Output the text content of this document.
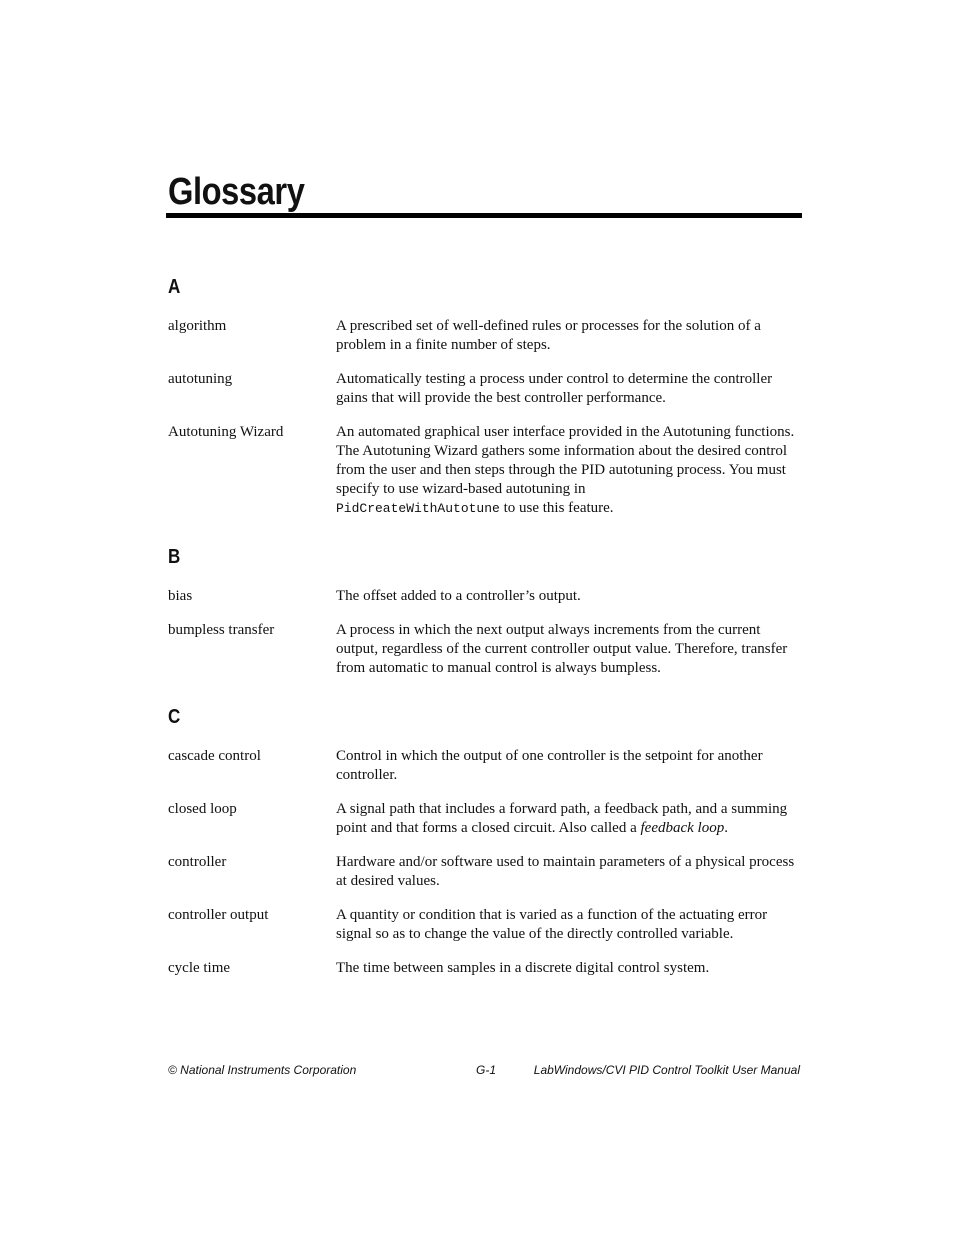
Glossary
A
algorithm	A prescribed set of well-defined rules or processes for the solution of a problem in a finite number of steps.
autotuning	Automatically testing a process under control to determine the controller gains that will provide the best controller performance.
Autotuning Wizard	An automated graphical user interface provided in the Autotuning functions. The Autotuning Wizard gathers some information about the desired control from the user and then steps through the PID autotuning process. You must specify to use wizard-based autotuning in
PidCreateWithAutotune to use this feature.
B
bias	The offset added to a controller’s output.
bumpless transfer	A process in which the next output always increments from the current output, regardless of the current controller output value. Therefore, transfer from automatic to manual control is always bumpless.
C
cascade control	Control in which the output of one controller is the setpoint for another controller.
closed loop	A signal path that includes a forward path, a feedback path, and a summing point and that forms a closed circuit. Also called a feedback loop.
controller	Hardware and/or software used to maintain parameters of a physical process at desired values.
controller output	A quantity or condition that is varied as a function of the actuating error signal so as to change the value of the directly controlled variable.
cycle time	The time between samples in a discrete digital control system.
© National Instruments Corporation	G-1	LabWindows/CVI PID Control Toolkit User Manual
